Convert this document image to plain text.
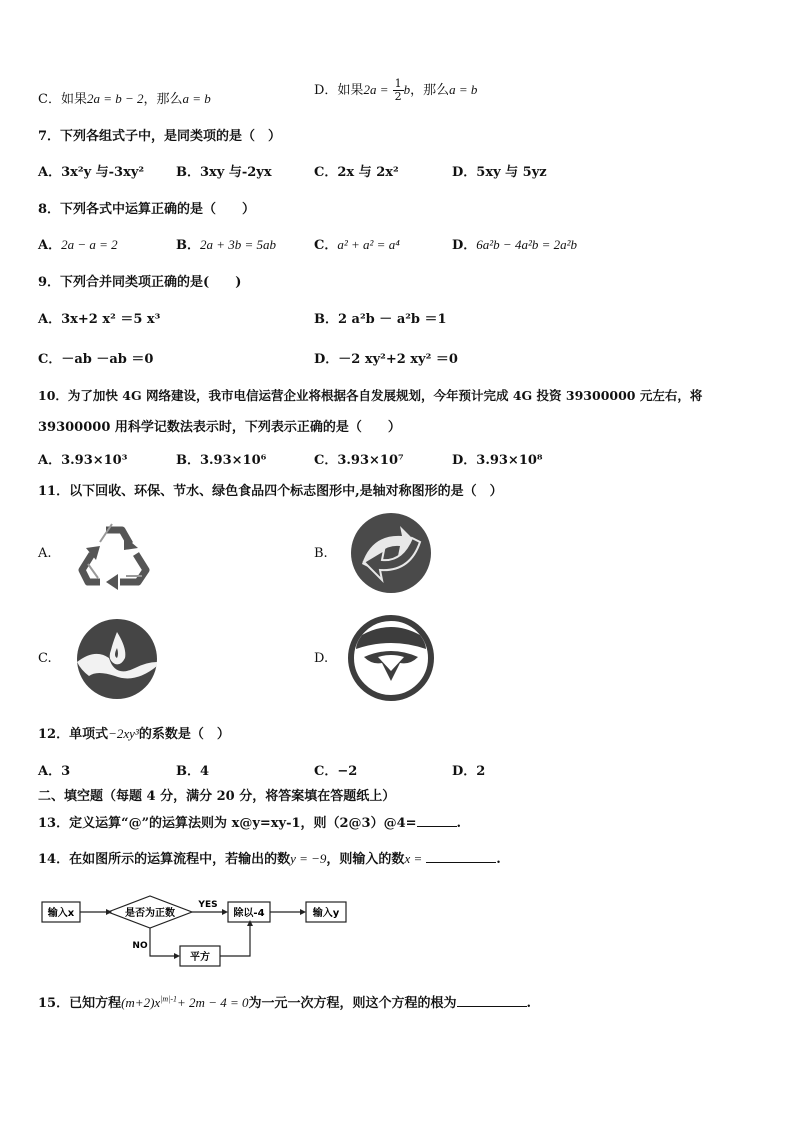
C．如果2a = b − 2，那么a = b
D．如果$2a = \frac{1}{2}$ b，那么a = b
7．下列各组式子中，是同类项的是（　）
A．3x²y 与-3xy² B．3xy 与-2yx	C．2x 与 2x²	D．5xy 与 5yz
8．下列各式中运算正确的是（　　）
A．2a − a = 2	B．2a + 3b = 5ab	C．a² + a² = a⁴	D．6a²b − 4a²b = 2a²b
9．下列合并同类项正确的是(　　)
A．3x+2 x² ＝5 x³	B．2 a²b － a²b ＝1
C．－ab －ab ＝0	D．－2 xy²+2 xy² ＝0
10．为了加快 4G 网络建设，我市电信运营企业将根据各自发展规划，今年预计完成 4G 投资 39300000 元左右，将
39300000 用科学记数法表示时，下列表示正确的是（　　）
A．3.93×10³	B．3.93×10⁶	C．3.93×10⁷	D．3.93×10⁸
11．以下回收、环保、节水、绿色食品四个标志图形中,是轴对称图形的是（　）
A.	B.
C.	D.
12．单项式−2xy³的系数是（　）
A．3	B．4	C．−2	D．2
二、填空题（每题 4 分，满分 20 分，将答案填在答题纸上）
13．定义运算“@”的运算法则为 x@y=xy-1，则（2@3）@4=	.
14．在如图所示的运算流程中，若输出的数y = −9，则输入的数x =	.
输入x	是否为正数
YES
NO
除以-4	输入y
平方
15．已知方程$(m+2)x^{|m|-1}+ 2m - 4 = 0$为一元一次方程，则这个方程的根为	.
